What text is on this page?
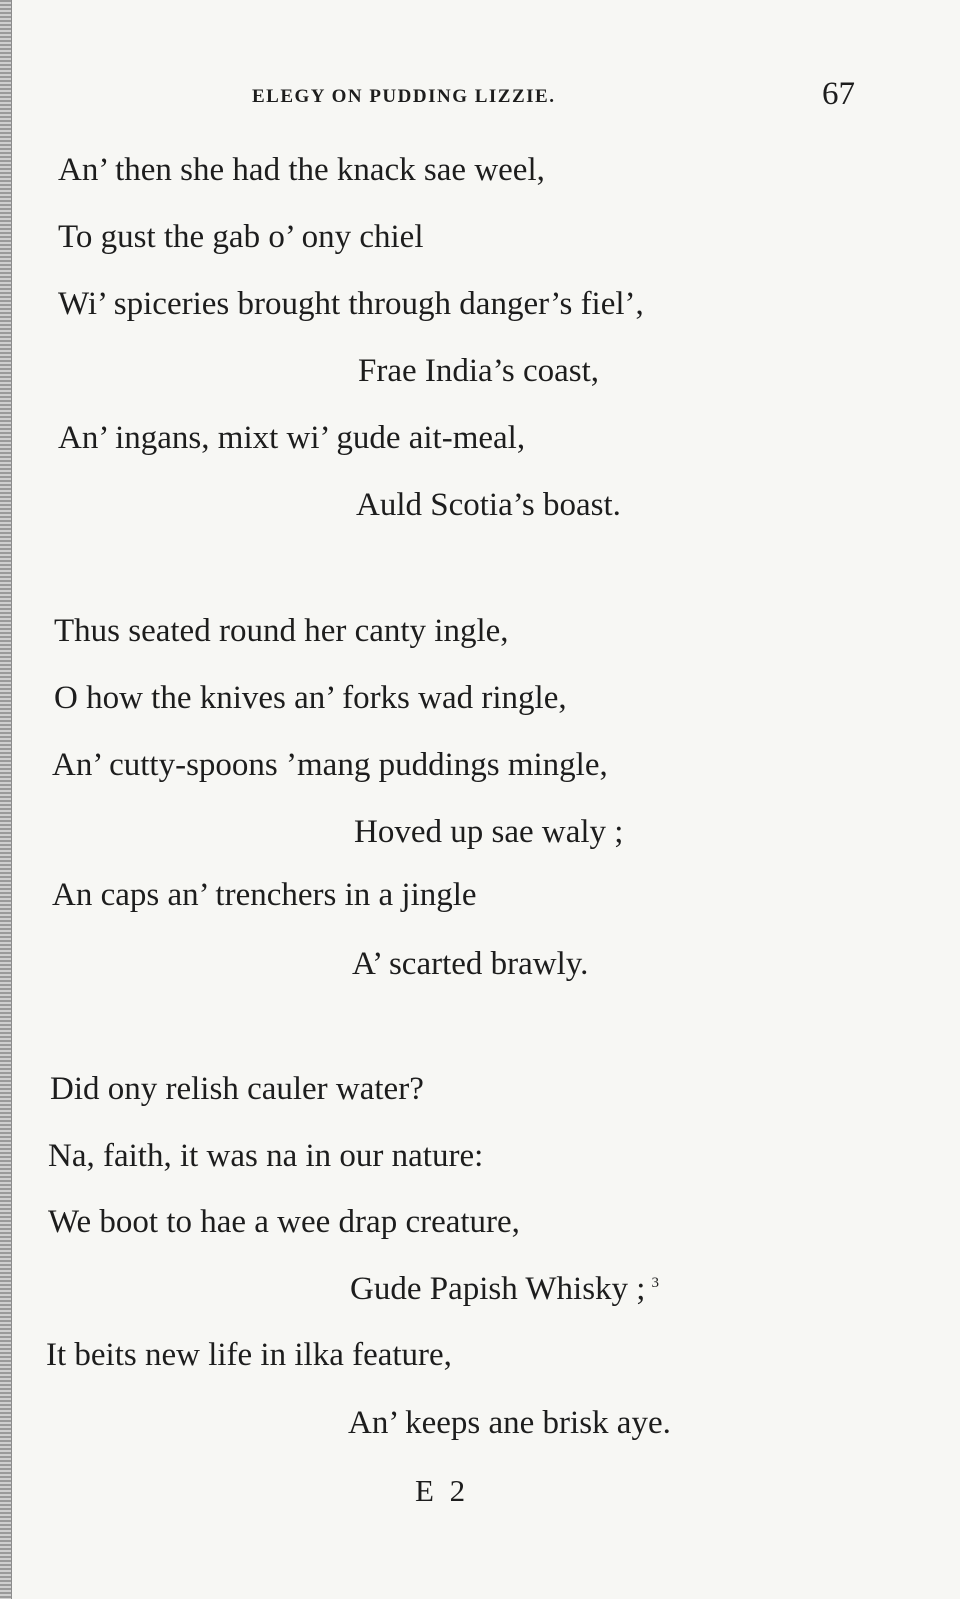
ELEGY ON PUDDING LIZZIE.	67
An’ then she had the knack sae weel,
To gust the gab o’ ony chiel
Wi’ spiceries brought through danger’s fiel’,
Frae India’s coast,
An’ ingans, mixt wi’ gude ait-meal,
Auld Scotia’s boast.
Thus seated round her canty ingle,
O how the knives an’ forks wad ringle,
An’ cutty-spoons ’mang puddings mingle,
Hoved up sae waly ;
An caps an’ trenchers in a jingle
A’ scarted brawly.
Did ony relish cauler water?
Na, faith, it was na in our nature:
We boot to hae a wee drap creature,
Gude Papish Whisky ; $^3$
It beits new life in ilka feature,
An’ keeps ane brisk aye.
E 2
